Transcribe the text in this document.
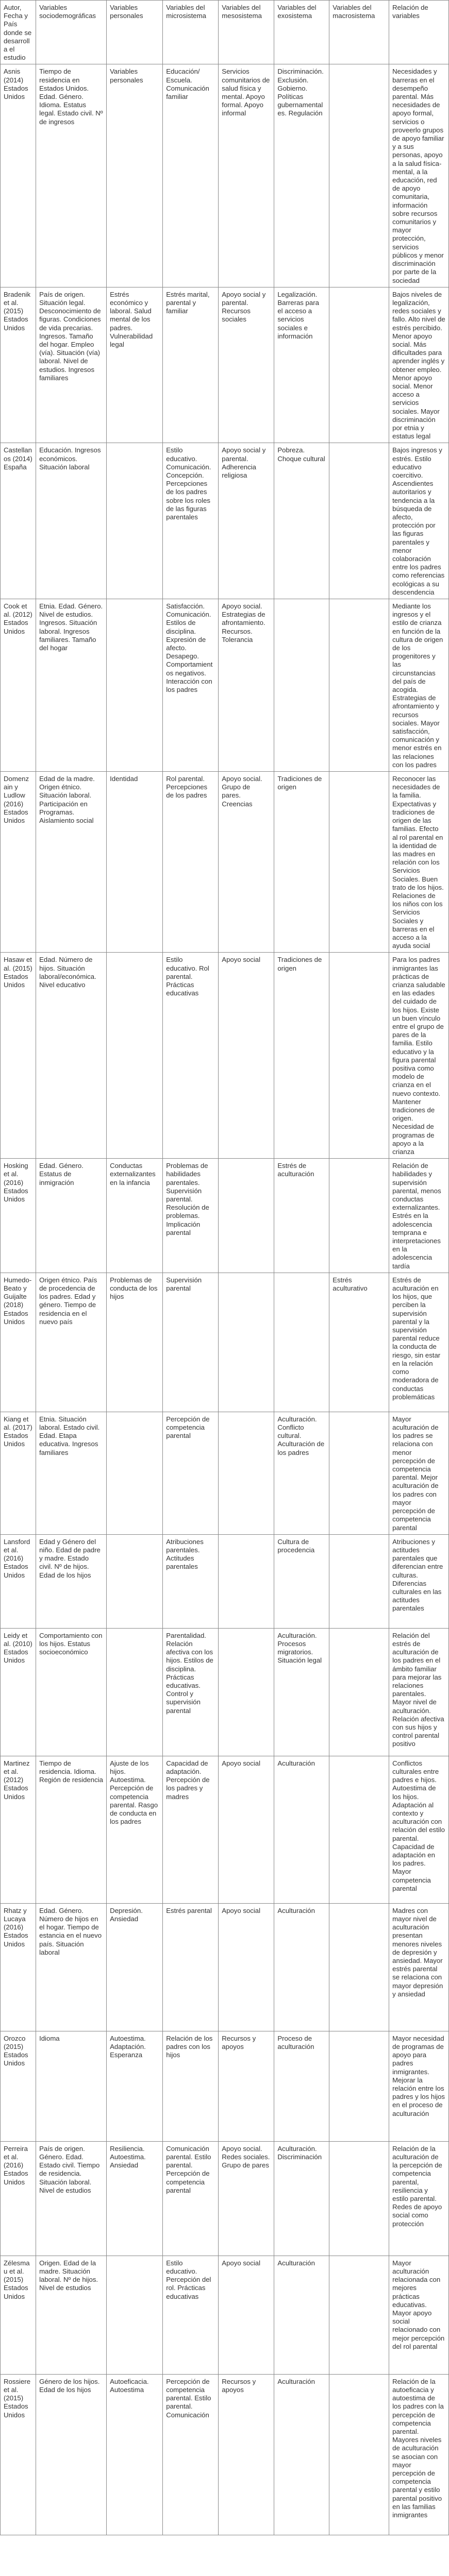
Autor, Fecha y País donde se desarrolla el estudio	Variables sociodemográficas	Variables personales	Variables del microsistema	Variables del mesosistema	Variables del exosistema	Variables del macrosistema	Relación de variables
Asnis (2014) Estados Unidos	Tiempo de residencia en Estados Unidos. Edad. Género. Idioma. Estatus legal. Estado civil. Nº de ingresos	Variables personales	Educación/ Escuela. Comunicación familiar	Servicios comunitarios de salud física y mental. Apoyo formal. Apoyo informal	Discriminación. Exclusión. Gobierno. Políticas gubernamentales. Regulación		Necesidades y barreras en el desempeño parental. Más necesidades de apoyo formal, servicios o proveerlo grupos de apoyo familiar y a sus personas, apoyo a la salud física-mental, a la educación, red de apoyo comunitaria, información sobre recursos comunitarios y mayor protección, servicios públicos y menor discriminación por parte de la sociedad
Bradenik et al. (2015) Estados Unidos	País de origen. Situación legal. Desconocimiento de figuras. Condiciones de vida precarias. Ingresos. Tamaño del hogar. Empleo (vía). Situación (vía) laboral. Nivel de estudios. Ingresos familiares	Estrés económico y laboral. Salud mental de los padres. Vulnerabilidad legal	Estrés marital, parental y familiar	Apoyo social y parental. Recursos sociales	Legalización. Barreras para el acceso a servicios sociales e información		Bajos niveles de legalización, redes sociales y fallo. Alto nivel de estrés percibido. Menor apoyo social. Más dificultades para aprender inglés y obtener empleo. Menor apoyo social. Menor acceso a servicios sociales. Mayor discriminación por etnia y estatus legal
Castellanos (2014) España	Educación. Ingresos económicos. Situación laboral		Estilo educativo. Comunicación. Concepción. Percepciones de los padres sobre los roles de las figuras parentales	Apoyo social y parental. Adherencia religiosa	Pobreza. Choque cultural		Bajos ingresos y estrés. Estilo educativo coercitivo. Ascendientes autoritarios y tendencia a la búsqueda de afecto, protección por las figuras parentales y menor colaboración entre los padres como referencias ecológicas a su descendencia
Cook et al. (2012) Estados Unidos	Etnia. Edad. Género. Nivel de estudios. Ingresos. Situación laboral. Ingresos familiares. Tamaño del hogar		Satisfacción. Comunicación. Estilos de disciplina. Expresión de afecto. Desapego. Comportamientos negativos. Interacción con los padres	Apoyo social. Estrategias de afrontamiento. Recursos. Tolerancia			Mediante los ingresos y el estilo de crianza en función de la cultura de origen de los progenitores y las circunstancias del país de acogida. Estrategias de afrontamiento y recursos sociales. Mayor satisfacción, comunicación y menor estrés en las relaciones con los padres
Domenzain y Ludlow (2016) Estados Unidos	Edad de la madre. Origen étnico. Situación laboral. Participación en Programas. Aislamiento social	Identidad	Rol parental. Percepciones de los padres	Apoyo social. Grupo de pares. Creencias	Tradiciones de origen		Reconocer las necesidades de la familia. Expectativas y tradiciones de origen de las familias. Efecto al rol parental en la identidad de las madres en relación con los Servicios Sociales. Buen trato de los hijos. Relaciones de los niños con los Servicios Sociales y barreras en el acceso a la ayuda social
Hasaw et al. (2015) Estados Unidos	Edad. Número de hijos. Situación laboral/económica. Nivel educativo		Estilo educativo. Rol parental. Prácticas educativas	Apoyo social	Tradiciones de origen		Para los padres inmigrantes las prácticas de crianza saludable en las edades del cuidado de los hijos. Existe un buen vínculo entre el grupo de pares de la familia. Estilo educativo y la figura parental positiva como modelo de crianza en el nuevo contexto. Mantener tradiciones de origen. Necesidad de programas de apoyo a la crianza
Hosking et al. (2016) Estados Unidos	Edad. Género. Estatus de inmigración	Conductas externalizantes en la infancia	Problemas de habilidades parentales. Supervisión parental. Resolución de problemas. Implicación parental		Estrés de aculturación		Relación de habilidades y supervisión parental, menos conductas externalizantes. Estrés en la adolescencia temprana e interpretaciones en la adolescencia tardía
Humedo-Beato y Guijalte (2018) Estados Unidos	Origen étnico. País de procedencia de los padres. Edad y género. Tiempo de residencia en el nuevo país	Problemas de conducta de los hijos	Supervisión parental			Estrés aculturativo	Estrés de aculturación en los hijos, que perciben la supervisión parental y la supervisión parental reduce la conducta de riesgo, sin estar en la relación como moderadora de conductas problemáticas
Kiang et al. (2017) Estados Unidos	Etnia. Situación laboral. Estado civil. Edad. Etapa educativa. Ingresos familiares		Percepción de competencia parental		Aculturación. Conflicto cultural. Aculturación de los padres		Mayor aculturación de los padres se relaciona con menor percepción de competencia parental. Mejor aculturación de los padres con mayor percepción de competencia parental
Lansford et al. (2016) Estados Unidos	Edad y Género del niño. Edad de padre y madre. Estado civil. Nº de hijos. Edad de los hijos		Atribuciones parentales. Actitudes parentales		Cultura de procedencia		Atribuciones y actitudes parentales que diferencian entre culturas. Diferencias culturales en las actitudes parentales
Leidy et al. (2010) Estados Unidos	Comportamiento con los hijos. Estatus socioeconómico		Parentalidad. Relación afectiva con los hijos. Estilos de disciplina. Prácticas educativas. Control y supervisión parental		Aculturación. Procesos migratorios. Situación legal		Relación del estrés de aculturación de los padres en el ámbito familiar para mejorar las relaciones parentales. Mayor nivel de aculturación. Relación afectiva con sus hijos y control parental positivo
Martinez et al. (2012) Estados Unidos	Tiempo de residencia. Idioma. Región de residencia	Ajuste de los hijos. Autoestima. Percepción de competencia parental. Rasgo de conducta en los padres	Capacidad de adaptación. Percepción de los padres y madres	Apoyo social	Aculturación		Conflictos culturales entre padres e hijos. Autoestima de los hijos. Adaptación al contexto y aculturación con relación del estilo parental. Capacidad de adaptación en los padres. Mayor competencia parental
Rhatz y Lucaya (2016) Estados Unidos	Edad. Género. Número de hijos en el hogar. Tiempo de estancia en el nuevo país. Situación laboral	Depresión. Ansiedad	Estrés parental	Apoyo social	Aculturación		Madres con mayor nivel de aculturación presentan menores niveles de depresión y ansiedad. Mayor estrés parental se relaciona con mayor depresión y ansiedad
Orozco (2015) Estados Unidos	Idioma	Autoestima. Adaptación. Esperanza	Relación de los padres con los hijos	Recursos y apoyos	Proceso de aculturación		Mayor necesidad de programas de apoyo para padres inmigrantes. Mejorar la relación entre los padres y los hijos en el proceso de aculturación
Perreira et al. (2016) Estados Unidos	País de origen. Género. Edad. Estado civil. Tiempo de residencia. Situación laboral. Nivel de estudios	Resiliencia. Autoestima. Ansiedad	Comunicación parental. Estilo parental. Percepción de competencia parental	Apoyo social. Redes sociales. Grupo de pares	Aculturación. Discriminación		Relación de la aculturación de la percepción de competencia parental, resiliencia y estilo parental. Redes de apoyo social como protección
Zélesmau et al. (2015) Estados Unidos	Origen. Edad de la madre. Situación laboral. Nº de hijos. Nivel de estudios		Estilo educativo. Percepción del rol. Prácticas educativas	Apoyo social	Aculturación		Mayor aculturación relacionada con mejores prácticas educativas. Mayor apoyo social relacionado con mejor percepción del rol parental
Rossiere et al. (2015) Estados Unidos	Género de los hijos. Edad de los hijos	Autoeficacia. Autoestima	Percepción de competencia parental. Estilo parental. Comunicación	Recursos y apoyos	Aculturación		Relación de la autoeficacia y autoestima de los padres con la percepción de competencia parental. Mayores niveles de aculturación se asocian con mayor percepción de competencia parental y estilo parental positivo en las familias inmigrantes
